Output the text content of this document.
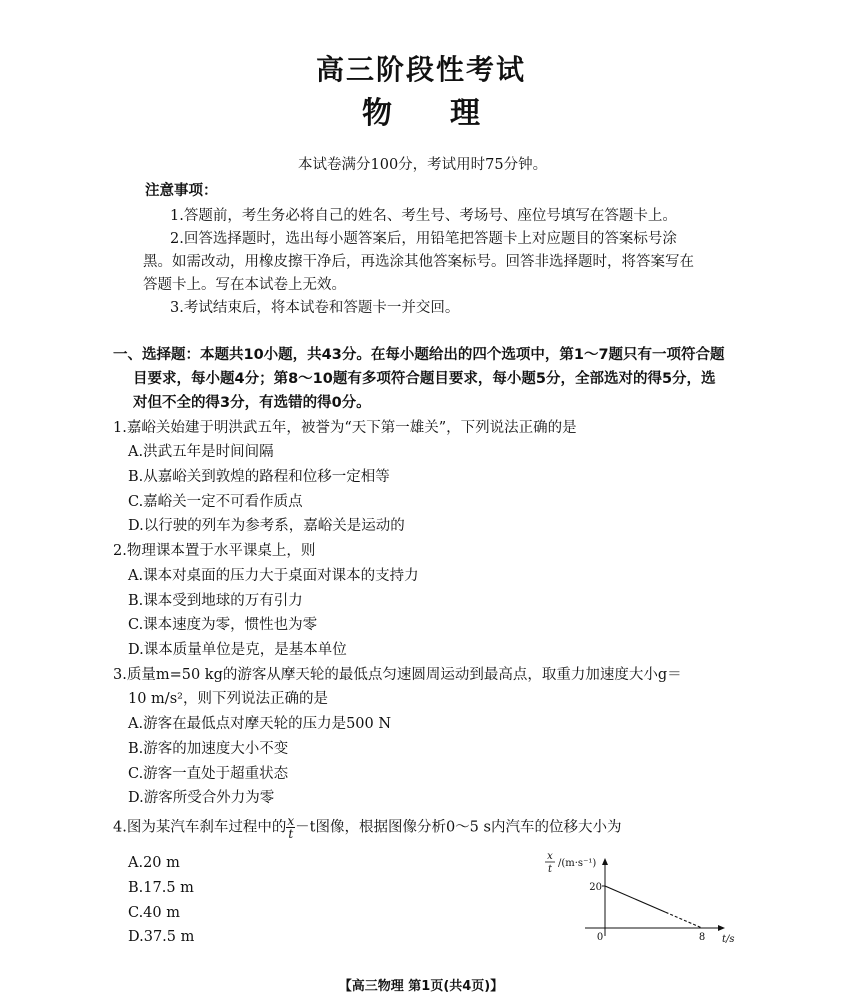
高三阶段性考试
物理
本试卷满分100分，考试用时75分钟。
注意事项：
1.答题前，考生务必将自己的姓名、考生号、考场号、座位号填写在答题卡上。
2.回答选择题时，选出每小题答案后，用铅笔把答题卡上对应题目的答案标号涂
黑。如需改动，用橡皮擦干净后，再选涂其他答案标号。回答非选择题时，将答案写在
答题卡上。写在本试卷上无效。
3.考试结束后，将本试卷和答题卡一并交回。
一、选择题：本题共10小题，共43分。在每小题给出的四个选项中，第1～7题只有一项符合题
目要求，每小题4分；第8～10题有多项符合题目要求，每小题5分，全部选对的得5分，选
对但不全的得3分，有选错的得0分。
1.嘉峪关始建于明洪武五年，被誉为“天下第一雄关”，下列说法正确的是
A.洪武五年是时间间隔
B.从嘉峪关到敦煌的路程和位移一定相等
C.嘉峪关一定不可看作质点
D.以行驶的列车为参考系，嘉峪关是运动的
2.物理课本置于水平课桌上，则
A.课本对桌面的压力大于桌面对课本的支持力
B.课本受到地球的万有引力
C.课本速度为零，惯性也为零
D.课本质量单位是克，是基本单位
3.质量m=50 kg的游客从摩天轮的最低点匀速圆周运动到最高点，取重力加速度大小g＝
10 m/s²，则下列说法正确的是
A.游客在最低点对摩天轮的压力是500 N
B.游客的加速度大小不变
C.游客一直处于超重状态
D.游客所受合外力为零
4.图为某汽车刹车过程中的 $\frac{x}{t} -t$图像，根据图像分析0～5 s内汽车的位移大小为
A.20 m
B.17.5 m
C.40 m
D.37.5 m
x
t
/(m·s⁻¹)
20
0	8 t/s
【高三物理 第1页(共4页)】
